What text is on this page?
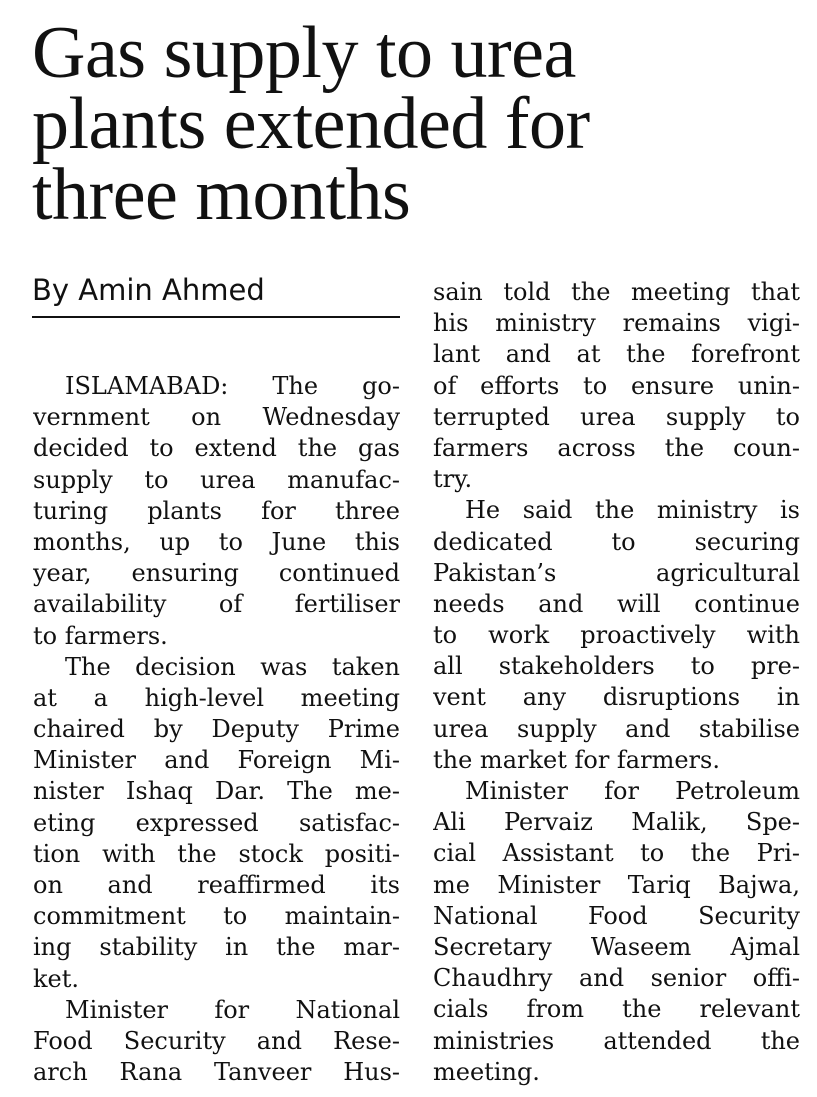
Gas supply to urea
plants extended for
three months
By Amin Ahmed
ISLAMABAD: The go-
vernment on Wednesday
decided to extend the gas
supply to urea manufac-
turing plants for three
months, up to June this
year, ensuring continued
availability of fertiliser
to farmers.
The decision was taken
at a high-level meeting
chaired by Deputy Prime
Minister and Foreign Mi-
nister Ishaq Dar. The me-
eting expressed satisfac-
tion with the stock positi-
on and reaffirmed its
commitment to maintain-
ing stability in the mar-
ket.
Minister for National
Food Security and Rese-
arch Rana Tanveer Hus-
sain told the meeting that
his ministry remains vigi-
lant and at the forefront
of efforts to ensure unin-
terrupted urea supply to
farmers across the coun-
try.
He said the ministry is
dedicated to securing
Pakistan’s agricultural
needs and will continue
to work proactively with
all stakeholders to pre-
vent any disruptions in
urea supply and stabilise
the market for farmers.
Minister for Petroleum
Ali Pervaiz Malik, Spe-
cial Assistant to the Pri-
me Minister Tariq Bajwa,
National Food Security
Secretary Waseem Ajmal
Chaudhry and senior offi-
cials from the relevant
ministries attended the
meeting.
